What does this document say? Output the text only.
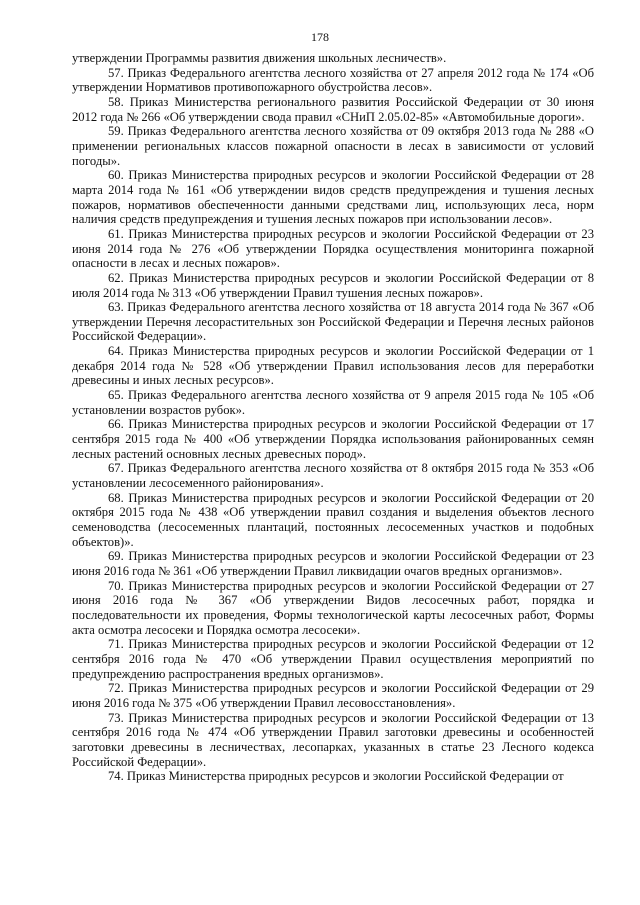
178

утверждении Программы развития движения школьных лесничеств».

57. Приказ Федерального агентства лесного хозяйства от 27 апреля 2012 года № 174 «Об утверждении Нормативов противопожарного обустройства лесов».

58. Приказ Министерства регионального развития Российской Федерации от 30 июня 2012 года № 266 «Об утверждении свода правил «СНиП 2.05.02-85» «Автомобильные дороги».

59. Приказ Федерального агентства лесного хозяйства от 09 октября 2013 года № 288 «О применении региональных классов пожарной опасности в лесах в зависимости от условий погоды».

60. Приказ Министерства природных ресурсов и экологии Российской Федерации от 28 марта 2014 года № 161 «Об утверждении видов средств предупреждения и тушения лесных пожаров, нормативов обеспеченности данными средствами лиц, использующих леса, норм наличия средств предупреждения и тушения лесных пожаров при использовании лесов».

61. Приказ Министерства природных ресурсов и экологии Российской Федерации от 23 июня 2014 года № 276 «Об утверждении Порядка осуществления мониторинга пожарной опасности в лесах и лесных пожаров».

62. Приказ Министерства природных ресурсов и экологии Российской Федерации от 8 июля 2014 года № 313 «Об утверждении Правил тушения лесных пожаров».

63. Приказ Федерального агентства лесного хозяйства от 18 августа 2014 года № 367 «Об утверждении Перечня лесорастительных зон Российской Федерации и Перечня лесных районов Российской Федерации».

64. Приказ Министерства природных ресурсов и экологии Российской Федерации от 1 декабря 2014 года № 528 «Об утверждении Правил использования лесов для переработки древесины и иных лесных ресурсов».

65. Приказ Федерального агентства лесного хозяйства от 9 апреля 2015 года № 105 «Об установлении возрастов рубок».

66. Приказ Министерства природных ресурсов и экологии Российской Федерации от 17 сентября 2015 года № 400 «Об утверждении Порядка использования районированных семян лесных растений основных лесных древесных пород».

67. Приказ Федерального агентства лесного хозяйства от 8 октября 2015 года № 353 «Об установлении лесосеменного районирования».

68. Приказ Министерства природных ресурсов и экологии Российской Федерации от 20 октября 2015 года № 438 «Об утверждении правил создания и выделения объектов лесного семеноводства (лесосеменных плантаций, постоянных лесосеменных участков и подобных объектов)».

69. Приказ Министерства природных ресурсов и экологии Российской Федерации от 23 июня 2016 года № 361 «Об утверждении Правил ликвидации очагов вредных организмов».

70. Приказ Министерства природных ресурсов и экологии Российской Федерации от 27 июня 2016 года № 367 «Об утверждении Видов лесосечных работ, порядка и последовательности их проведения, Формы технологической карты лесосечных работ, Формы акта осмотра лесосеки и Порядка осмотра лесосеки».

71. Приказ Министерства природных ресурсов и экологии Российской Федерации от 12 сентября 2016 года № 470 «Об утверждении Правил осуществления мероприятий по предупреждению распространения вредных организмов».

72. Приказ Министерства природных ресурсов и экологии Российской Федерации от 29 июня 2016 года № 375 «Об утверждении Правил лесовосстановления».

73. Приказ Министерства природных ресурсов и экологии Российской Федерации от 13 сентября 2016 года № 474 «Об утверждении Правил заготовки древесины и особенностей заготовки древесины в лесничествах, лесопарках, указанных в статье 23 Лесного кодекса Российской Федерации».

74. Приказ Министерства природных ресурсов и экологии Российской Федерации от
